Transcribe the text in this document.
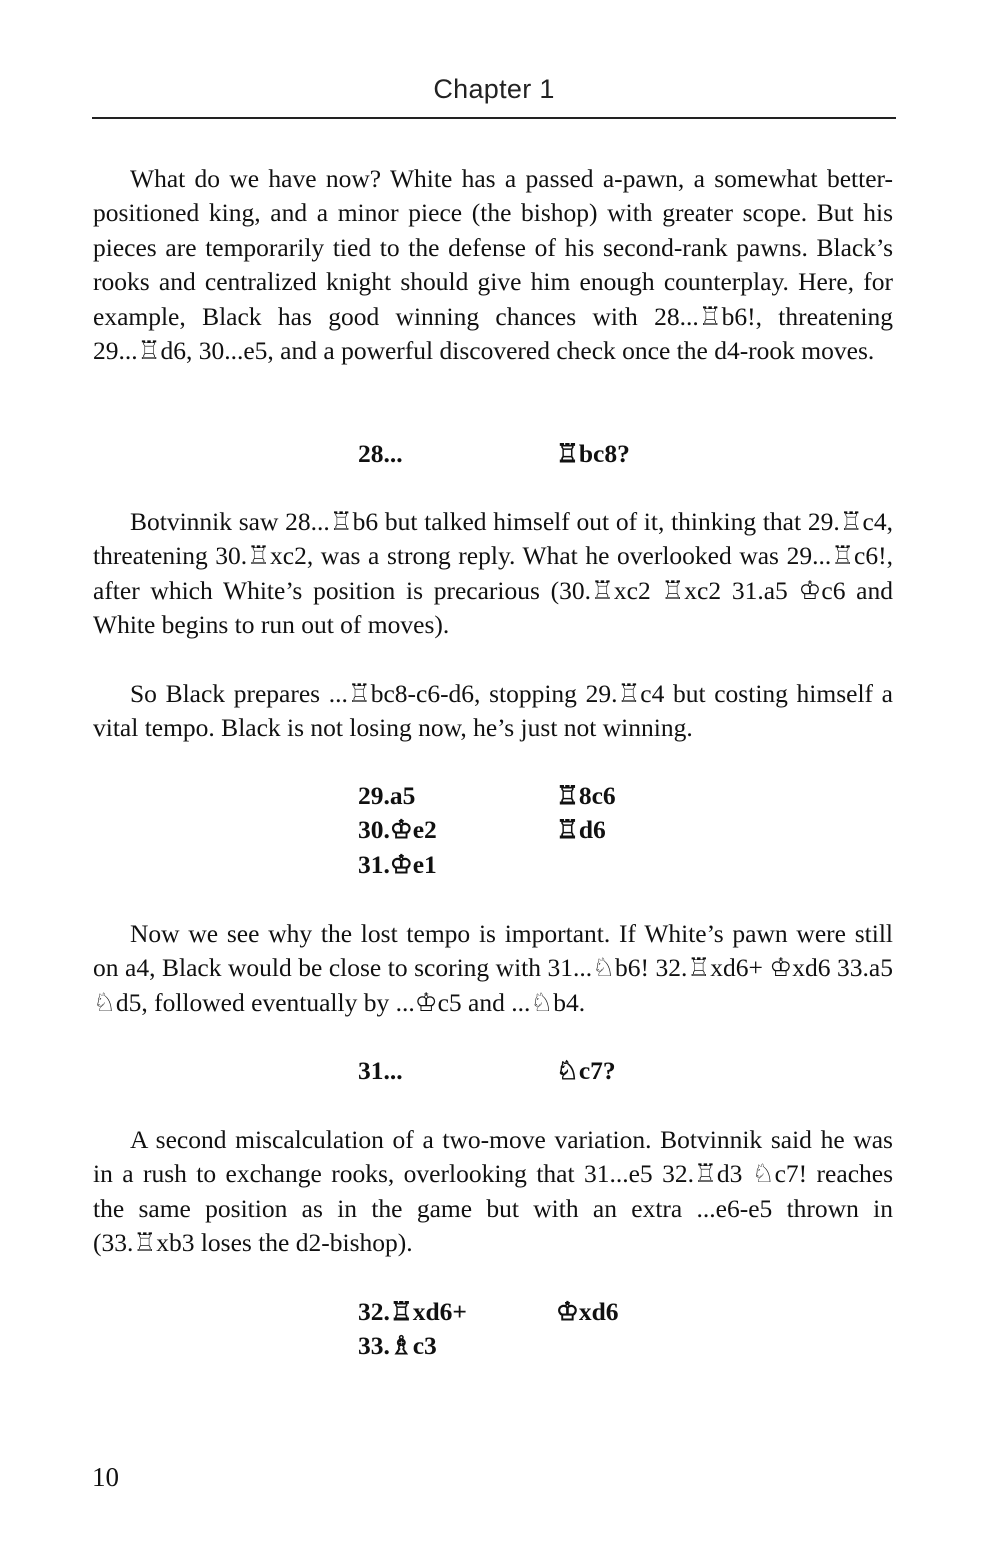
Chapter 1
What do we have now? White has a passed a-pawn, a somewhat better-positioned king, and a minor piece (the bishop) with greater scope. But his pieces are temporarily tied to the defense of his second-rank pawns. Black’s rooks and centralized knight should give him enough counterplay. Here, for example, Black has good winning chances with 28...♖b6!, threatening 29...♖d6, 30...e5, and a powerful discovered check once the d4-rook moves.
28...	♖bc8?
Botvinnik saw 28...♖b6 but talked himself out of it, thinking that 29.♖c4, threatening 30.♖xc2, was a strong reply. What he overlooked was 29...♖c6!, after which White’s position is precarious (30.♖xc2 ♖xc2 31.a5 ♔c6 and White begins to run out of moves).
So Black prepares ...♖bc8-c6-d6, stopping 29.♖c4 but costing himself a vital tempo. Black is not losing now, he’s just not winning.
29.a5	♖8c6
30.♔e2	♖d6
31.♔e1
Now we see why the lost tempo is important. If White’s pawn were still on a4, Black would be close to scoring with 31...♘b6! 32.♖xd6+ ♔xd6 33.a5 ♘d5, followed eventually by ...♔c5 and ...♘b4.
31...	♘c7?
A second miscalculation of a two-move variation. Botvinnik said he was in a rush to exchange rooks, overlooking that 31...e5 32.♖d3 ♘c7! reaches the same position as in the game but with an extra ...e6-e5 thrown in (33.♖xb3 loses the d2-bishop).
32.♖xd6+	♔xd6
33.♗c3
10
